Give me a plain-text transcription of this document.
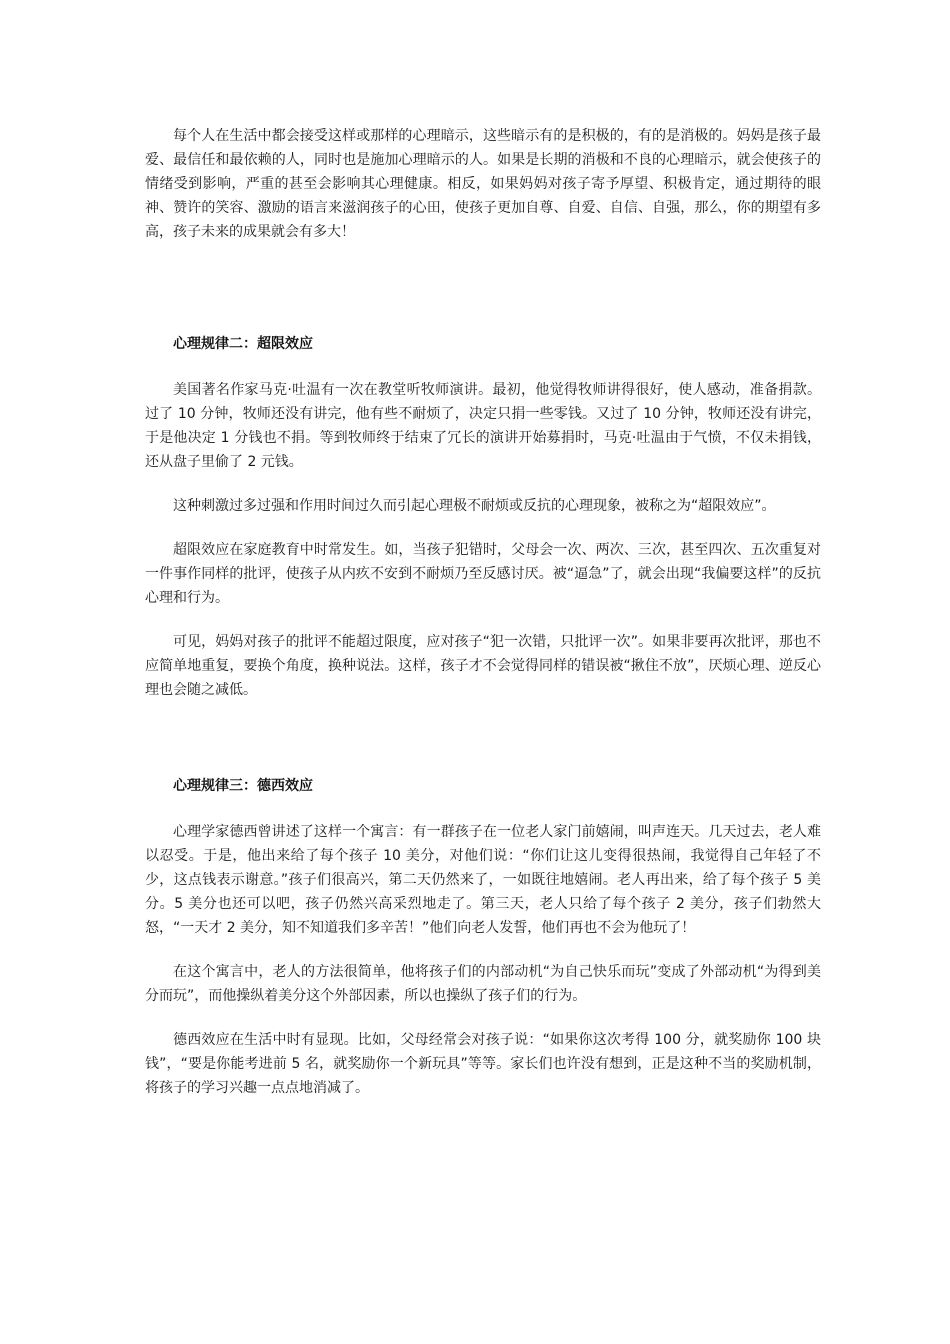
每个人在生活中都会接受这样或那样的心理暗示，这些暗示有的是积极的，有的是消极的。妈妈是孩子最爱、最信任和最依赖的人，同时也是施加心理暗示的人。如果是长期的消极和不良的心理暗示，就会使孩子的情绪受到影响，严重的甚至会影响其心理健康。相反，如果妈妈对孩子寄予厚望、积极肯定，通过期待的眼神、赞许的笑容、激励的语言来滋润孩子的心田，使孩子更加自尊、自爱、自信、自强，那么，你的期望有多高，孩子未来的成果就会有多大！

心理规律二：超限效应

美国著名作家马克·吐温有一次在教堂听牧师演讲。最初，他觉得牧师讲得很好，使人感动，准备捐款。过了 10 分钟，牧师还没有讲完，他有些不耐烦了，决定只捐一些零钱。又过了 10 分钟，牧师还没有讲完，于是他决定 1 分钱也不捐。等到牧师终于结束了冗长的演讲开始募捐时，马克·吐温由于气愤，不仅未捐钱，还从盘子里偷了 2 元钱。

这种刺激过多过强和作用时间过久而引起心理极不耐烦或反抗的心理现象，被称之为“超限效应”。

超限效应在家庭教育中时常发生。如，当孩子犯错时，父母会一次、两次、三次，甚至四次、五次重复对一件事作同样的批评，使孩子从内疚不安到不耐烦乃至反感讨厌。被“逼急”了，就会出现“我偏要这样”的反抗心理和行为。

可见，妈妈对孩子的批评不能超过限度，应对孩子“犯一次错，只批评一次”。如果非要再次批评，那也不应简单地重复，要换个角度，换种说法。这样，孩子才不会觉得同样的错误被“揪住不放”，厌烦心理、逆反心理也会随之减低。

心理规律三：德西效应

心理学家德西曾讲述了这样一个寓言：有一群孩子在一位老人家门前嬉闹，叫声连天。几天过去，老人难以忍受。于是，他出来给了每个孩子 10 美分，对他们说：“你们让这儿变得很热闹，我觉得自己年轻了不少，这点钱表示谢意。”孩子们很高兴，第二天仍然来了，一如既往地嬉闹。老人再出来，给了每个孩子 5 美分。5 美分也还可以吧，孩子仍然兴高采烈地走了。第三天，老人只给了每个孩子 2 美分，孩子们勃然大怒，“一天才 2 美分，知不知道我们多辛苦！”他们向老人发誓，他们再也不会为他玩了！

在这个寓言中，老人的方法很简单，他将孩子们的内部动机“为自己快乐而玩”变成了外部动机“为得到美分而玩”，而他操纵着美分这个外部因素，所以也操纵了孩子们的行为。

德西效应在生活中时有显现。比如，父母经常会对孩子说：“如果你这次考得 100 分，就奖励你 100 块钱”，“要是你能考进前 5 名，就奖励你一个新玩具”等等。家长们也许没有想到，正是这种不当的奖励机制，将孩子的学习兴趣一点点地消减了。
